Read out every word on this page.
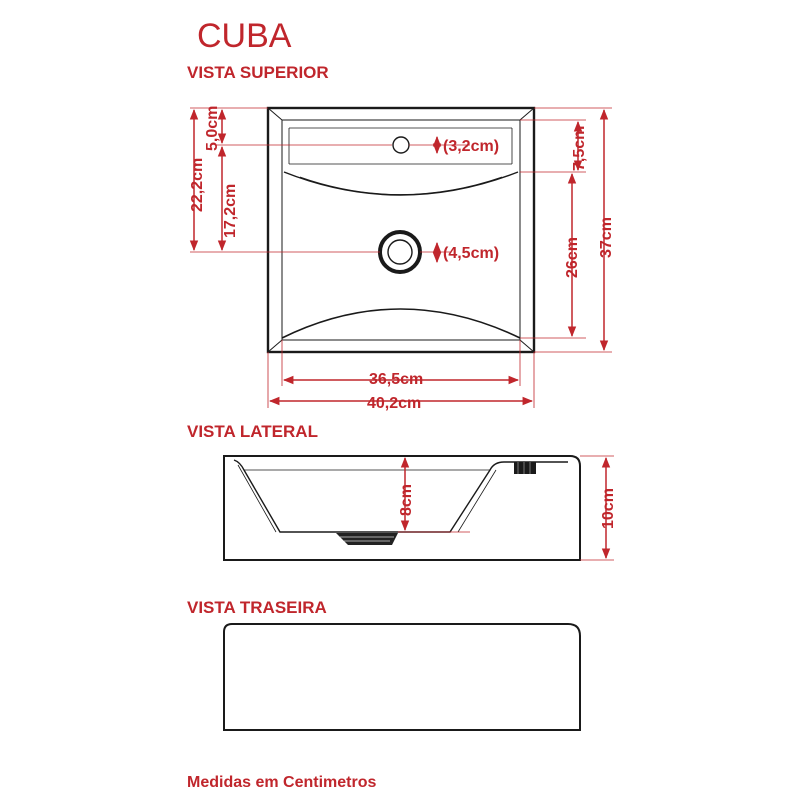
CUBA
VISTA SUPERIOR
VISTA LATERAL
VISTA TRASEIRA
Medidas em Centimetros
5,0cm
22,2cm 17,2cm
(3,2cm)
(4,5cm)
7,5cm
26cm 37cm
36,5cm
40,2cm
8cm	10cm
